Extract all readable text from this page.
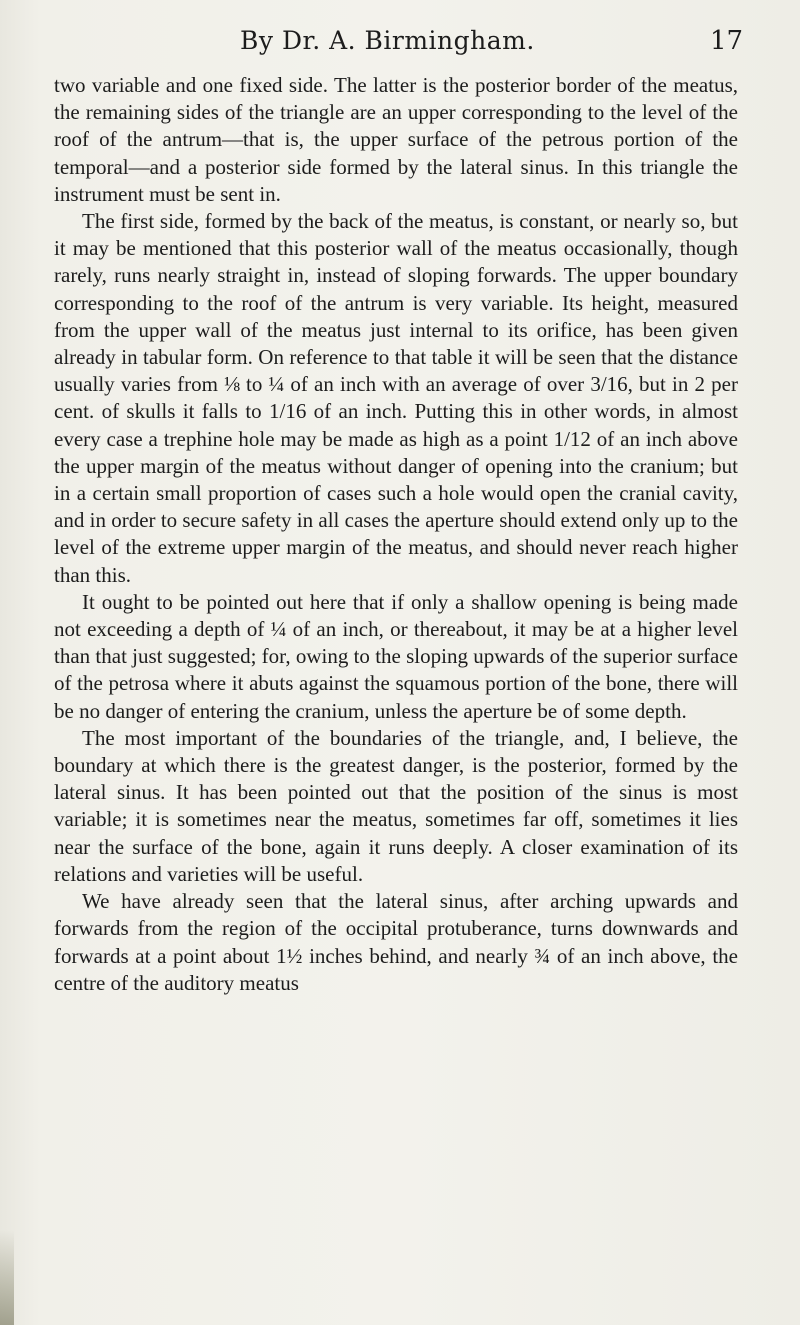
By Dr. A. Birmingham.	17

two variable and one fixed side. The latter is the posterior border of the meatus, the remaining sides of the triangle are an upper corresponding to the level of the roof of the antrum—that is, the upper surface of the petrous portion of the temporal—and a posterior side formed by the lateral sinus. In this triangle the instrument must be sent in.

The first side, formed by the back of the meatus, is constant, or nearly so, but it may be mentioned that this posterior wall of the meatus occasionally, though rarely, runs nearly straight in, instead of sloping forwards. The upper boundary corresponding to the roof of the antrum is very variable. Its height, measured from the upper wall of the meatus just internal to its orifice, has been given already in tabular form. On reference to that table it will be seen that the distance usually varies from ⅛ to ¼ of an inch with an average of over 3/16, but in 2 per cent. of skulls it falls to 1/16 of an inch. Putting this in other words, in almost every case a trephine hole may be made as high as a point 1/12 of an inch above the upper margin of the meatus without danger of opening into the cranium; but in a certain small proportion of cases such a hole would open the cranial cavity, and in order to secure safety in all cases the aperture should extend only up to the level of the extreme upper margin of the meatus, and should never reach higher than this.

It ought to be pointed out here that if only a shallow opening is being made not exceeding a depth of ¼ of an inch, or thereabout, it may be at a higher level than that just suggested; for, owing to the sloping upwards of the superior surface of the petrosa where it abuts against the squamous portion of the bone, there will be no danger of entering the cranium, unless the aperture be of some depth.

The most important of the boundaries of the triangle, and, I believe, the boundary at which there is the greatest danger, is the posterior, formed by the lateral sinus. It has been pointed out that the position of the sinus is most variable; it is sometimes near the meatus, sometimes far off, sometimes it lies near the surface of the bone, again it runs deeply. A closer examination of its relations and varieties will be useful.

We have already seen that the lateral sinus, after arching upwards and forwards from the region of the occipital protuberance, turns downwards and forwards at a point about 1½ inches behind, and nearly ¾ of an inch above, the centre of the auditory meatus
